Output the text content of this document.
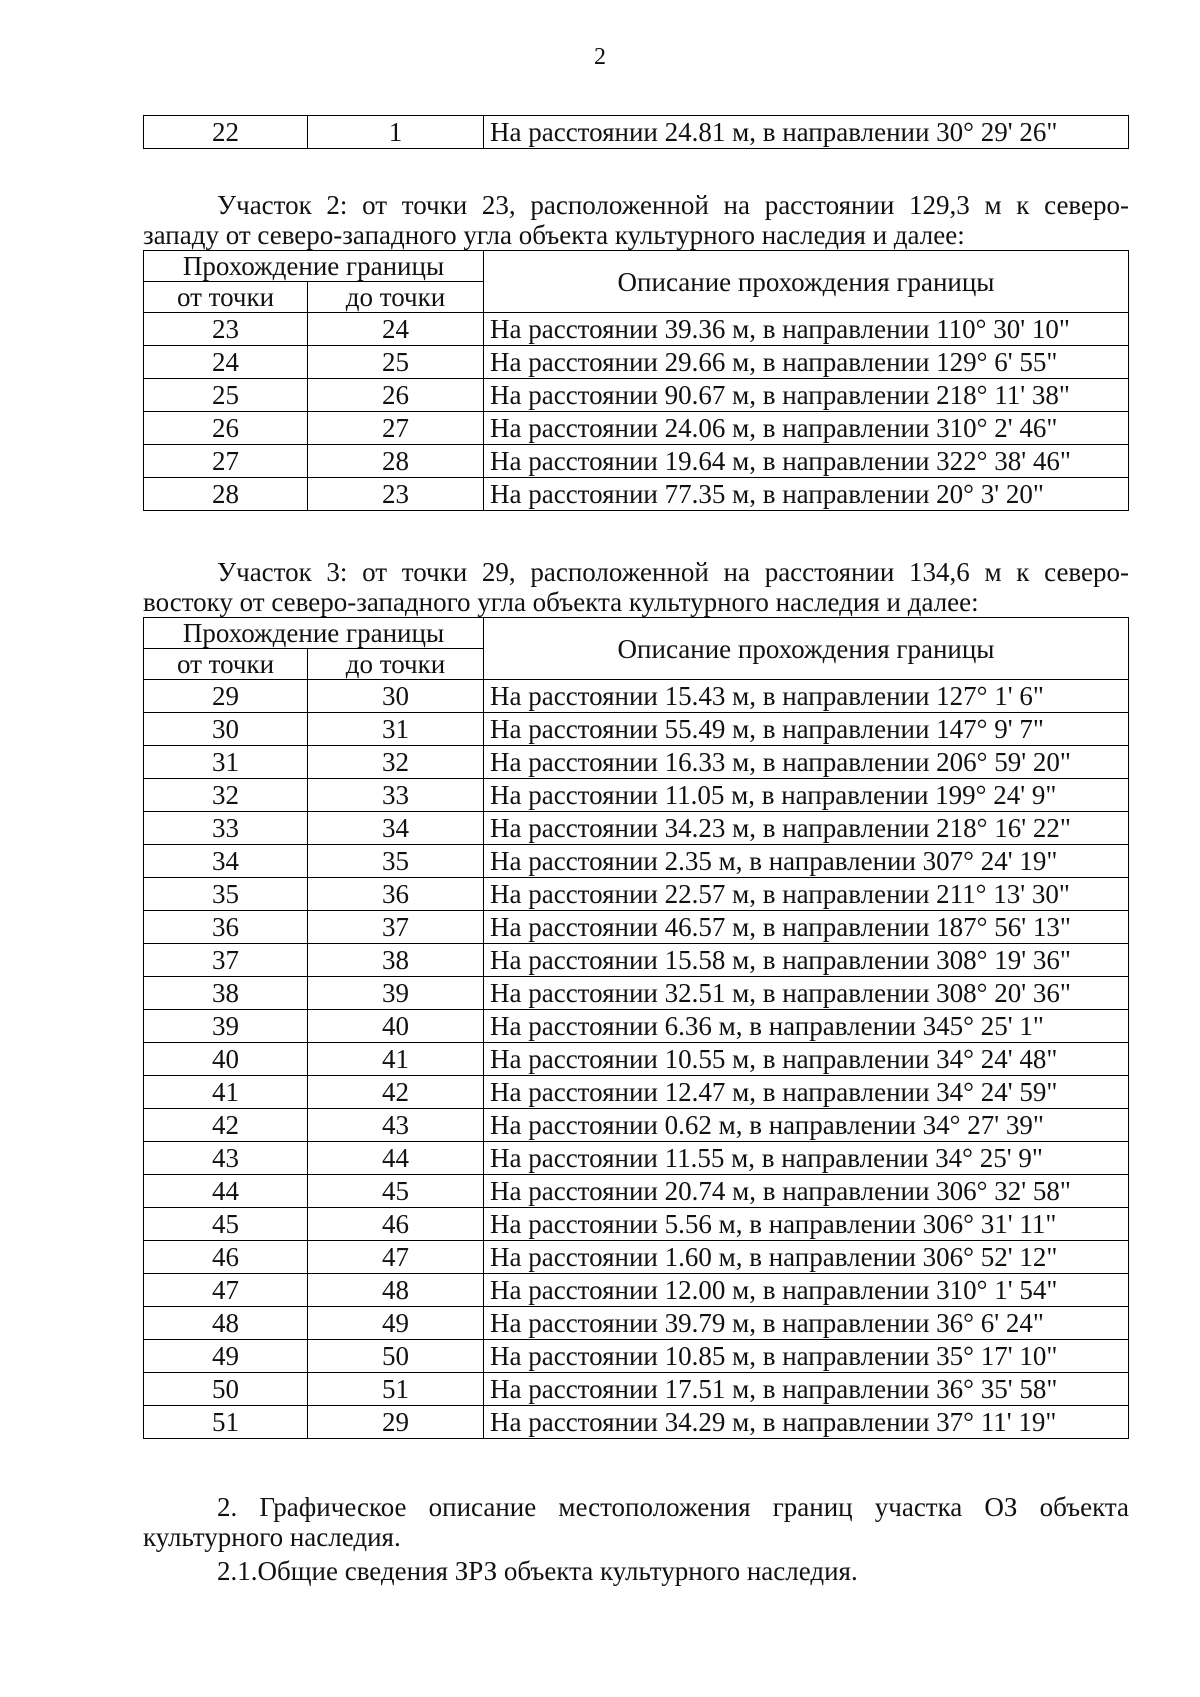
2
22	1	На расстоянии 24.81 м, в направлении 30° 29' 26"
Участок 2: от точки 23, расположенной на расстоянии 129,3 м к северо-
западу от северо-западного угла объекта культурного наследия и далее:
Прохождение границы		Описание прохождения границы
от точки	до точки	
23	24	На расстоянии 39.36 м, в направлении 110° 30' 10"
24	25	На расстоянии 29.66 м, в направлении 129° 6' 55"
25	26	На расстоянии 90.67 м, в направлении 218° 11' 38"
26	27	На расстоянии 24.06 м, в направлении 310° 2' 46"
27	28	На расстоянии 19.64 м, в направлении 322° 38' 46"
28	23	На расстоянии 77.35 м, в направлении 20° 3' 20"
Участок 3: от точки 29, расположенной на расстоянии 134,6 м к северо-
востоку от северо-западного угла объекта культурного наследия и далее:
Прохождение границы		Описание прохождения границы
от точки	до точки	
29	30	На расстоянии 15.43 м, в направлении 127° 1' 6"
30	31	На расстоянии 55.49 м, в направлении 147° 9' 7"
31	32	На расстоянии 16.33 м, в направлении 206° 59' 20"
32	33	На расстоянии 11.05 м, в направлении 199° 24' 9"
33	34	На расстоянии 34.23 м, в направлении 218° 16' 22"
34	35	На расстоянии 2.35 м, в направлении 307° 24' 19"
35	36	На расстоянии 22.57 м, в направлении 211° 13' 30"
36	37	На расстоянии 46.57 м, в направлении 187° 56' 13"
37	38	На расстоянии 15.58 м, в направлении 308° 19' 36"
38	39	На расстоянии 32.51 м, в направлении 308° 20' 36"
39	40	На расстоянии 6.36 м, в направлении 345° 25' 1"
40	41	На расстоянии 10.55 м, в направлении 34° 24' 48"
41	42	На расстоянии 12.47 м, в направлении 34° 24' 59"
42	43	На расстоянии 0.62 м, в направлении 34° 27' 39"
43	44	На расстоянии 11.55 м, в направлении 34° 25' 9"
44	45	На расстоянии 20.74 м, в направлении 306° 32' 58"
45	46	На расстоянии 5.56 м, в направлении 306° 31' 11"
46	47	На расстоянии 1.60 м, в направлении 306° 52' 12"
47	48	На расстоянии 12.00 м, в направлении 310° 1' 54"
48	49	На расстоянии 39.79 м, в направлении 36° 6' 24"
49	50	На расстоянии 10.85 м, в направлении 35° 17' 10"
50	51	На расстоянии 17.51 м, в направлении 36° 35' 58"
51	29	На расстоянии 34.29 м, в направлении 37° 11' 19"
2. Графическое описание местоположения границ участка ОЗ объекта
культурного наследия.
2.1.Общие сведения ЗРЗ объекта культурного наследия.
